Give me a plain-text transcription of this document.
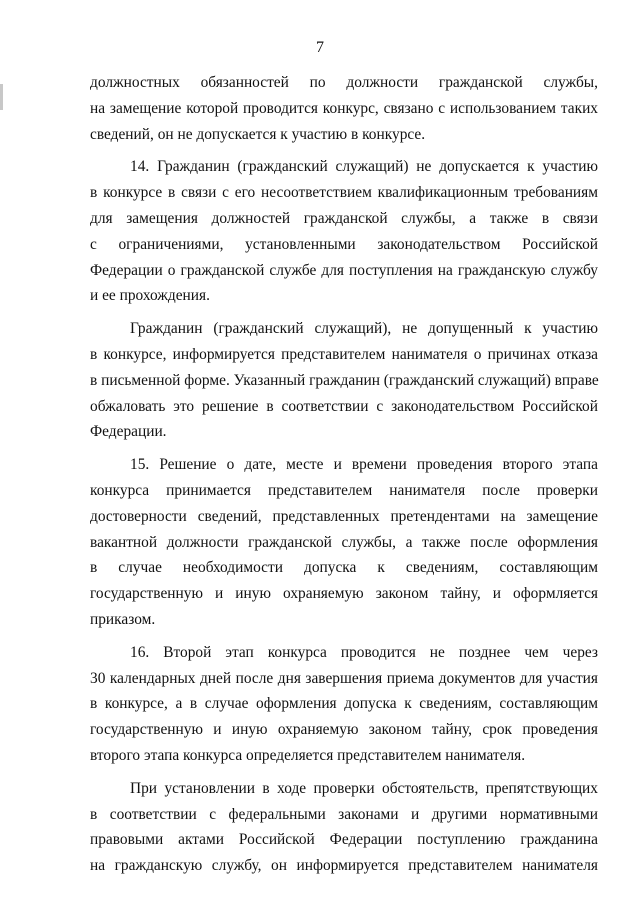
7
должностных обязанностей по должности гражданской службы,
на замещение которой проводится конкурс, связано с использованием таких
сведений, он не допускается к участию в конкурсе.
14. Гражданин (гражданский служащий) не допускается к участию
в конкурсе в связи с его несоответствием квалификационным требованиям
для замещения должностей гражданской службы, а также в связи
с ограничениями, установленными законодательством Российской
Федерации о гражданской службе для поступления на гражданскую службу
и ее прохождения.
Гражданин (гражданский служащий), не допущенный к участию
в конкурсе, информируется представителем нанимателя о причинах отказа
в письменной форме. Указанный гражданин (гражданский служащий) вправе
обжаловать это решение в соответствии с законодательством Российской
Федерации.
15. Решение о дате, месте и времени проведения второго этапа
конкурса принимается представителем нанимателя после проверки
достоверности сведений, представленных претендентами на замещение
вакантной должности гражданской службы, а также после оформления
в случае необходимости допуска к сведениям, составляющим
государственную и иную охраняемую законом тайну, и оформляется
приказом.
16. Второй этап конкурса проводится не позднее чем через
30 календарных дней после дня завершения приема документов для участия
в конкурсе, а в случае оформления допуска к сведениям, составляющим
государственную и иную охраняемую законом тайну, срок проведения
второго этапа конкурса определяется представителем нанимателя.
При установлении в ходе проверки обстоятельств, препятствующих
в соответствии с федеральными законами и другими нормативными
правовыми актами Российской Федерации поступлению гражданина
на гражданскую службу, он информируется представителем нанимателя
